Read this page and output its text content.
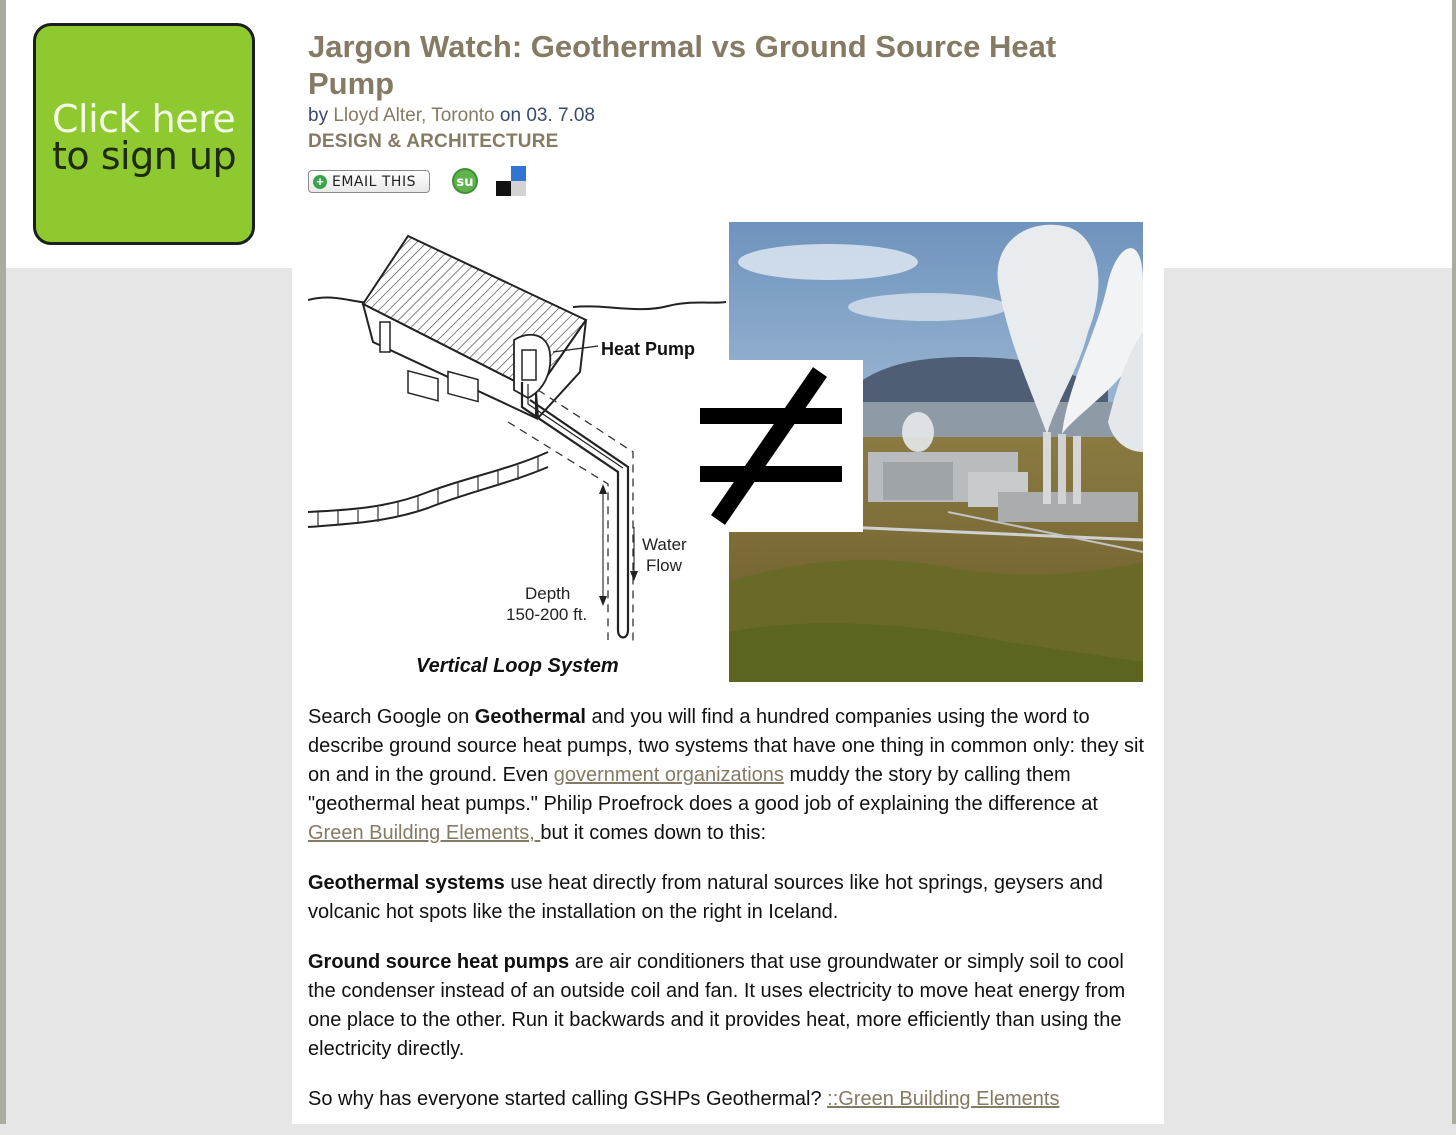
Click here
to sign up
Jargon Watch: Geothermal vs Ground Source Heat Pump
by Lloyd Alter, Toronto on 03. 7.08
DESIGN & ARCHITECTURE
+ EMAIL THIS	su
Heat Pump
Water
Flow
Depth
150-200 ft.
Vertical Loop System

Search Google on Geothermal and you will find a hundred companies using the word to describe ground source heat pumps, two systems that have one thing in common only: they sit on and in the ground. Even government organizations muddy the story by calling them "geothermal heat pumps." Philip Proefrock does a good job of explaining the difference at Green Building Elements, but it comes down to this:

Geothermal systems use heat directly from natural sources like hot springs, geysers and volcanic hot spots like the installation on the right in Iceland.

Ground source heat pumps are air conditioners that use groundwater or simply soil to cool the condenser instead of an outside coil and fan. It uses electricity to move heat energy from one place to the other. Run it backwards and it provides heat, more efficiently than using the electricity directly.

So why has everyone started calling GSHPs Geothermal? ::Green Building Elements
